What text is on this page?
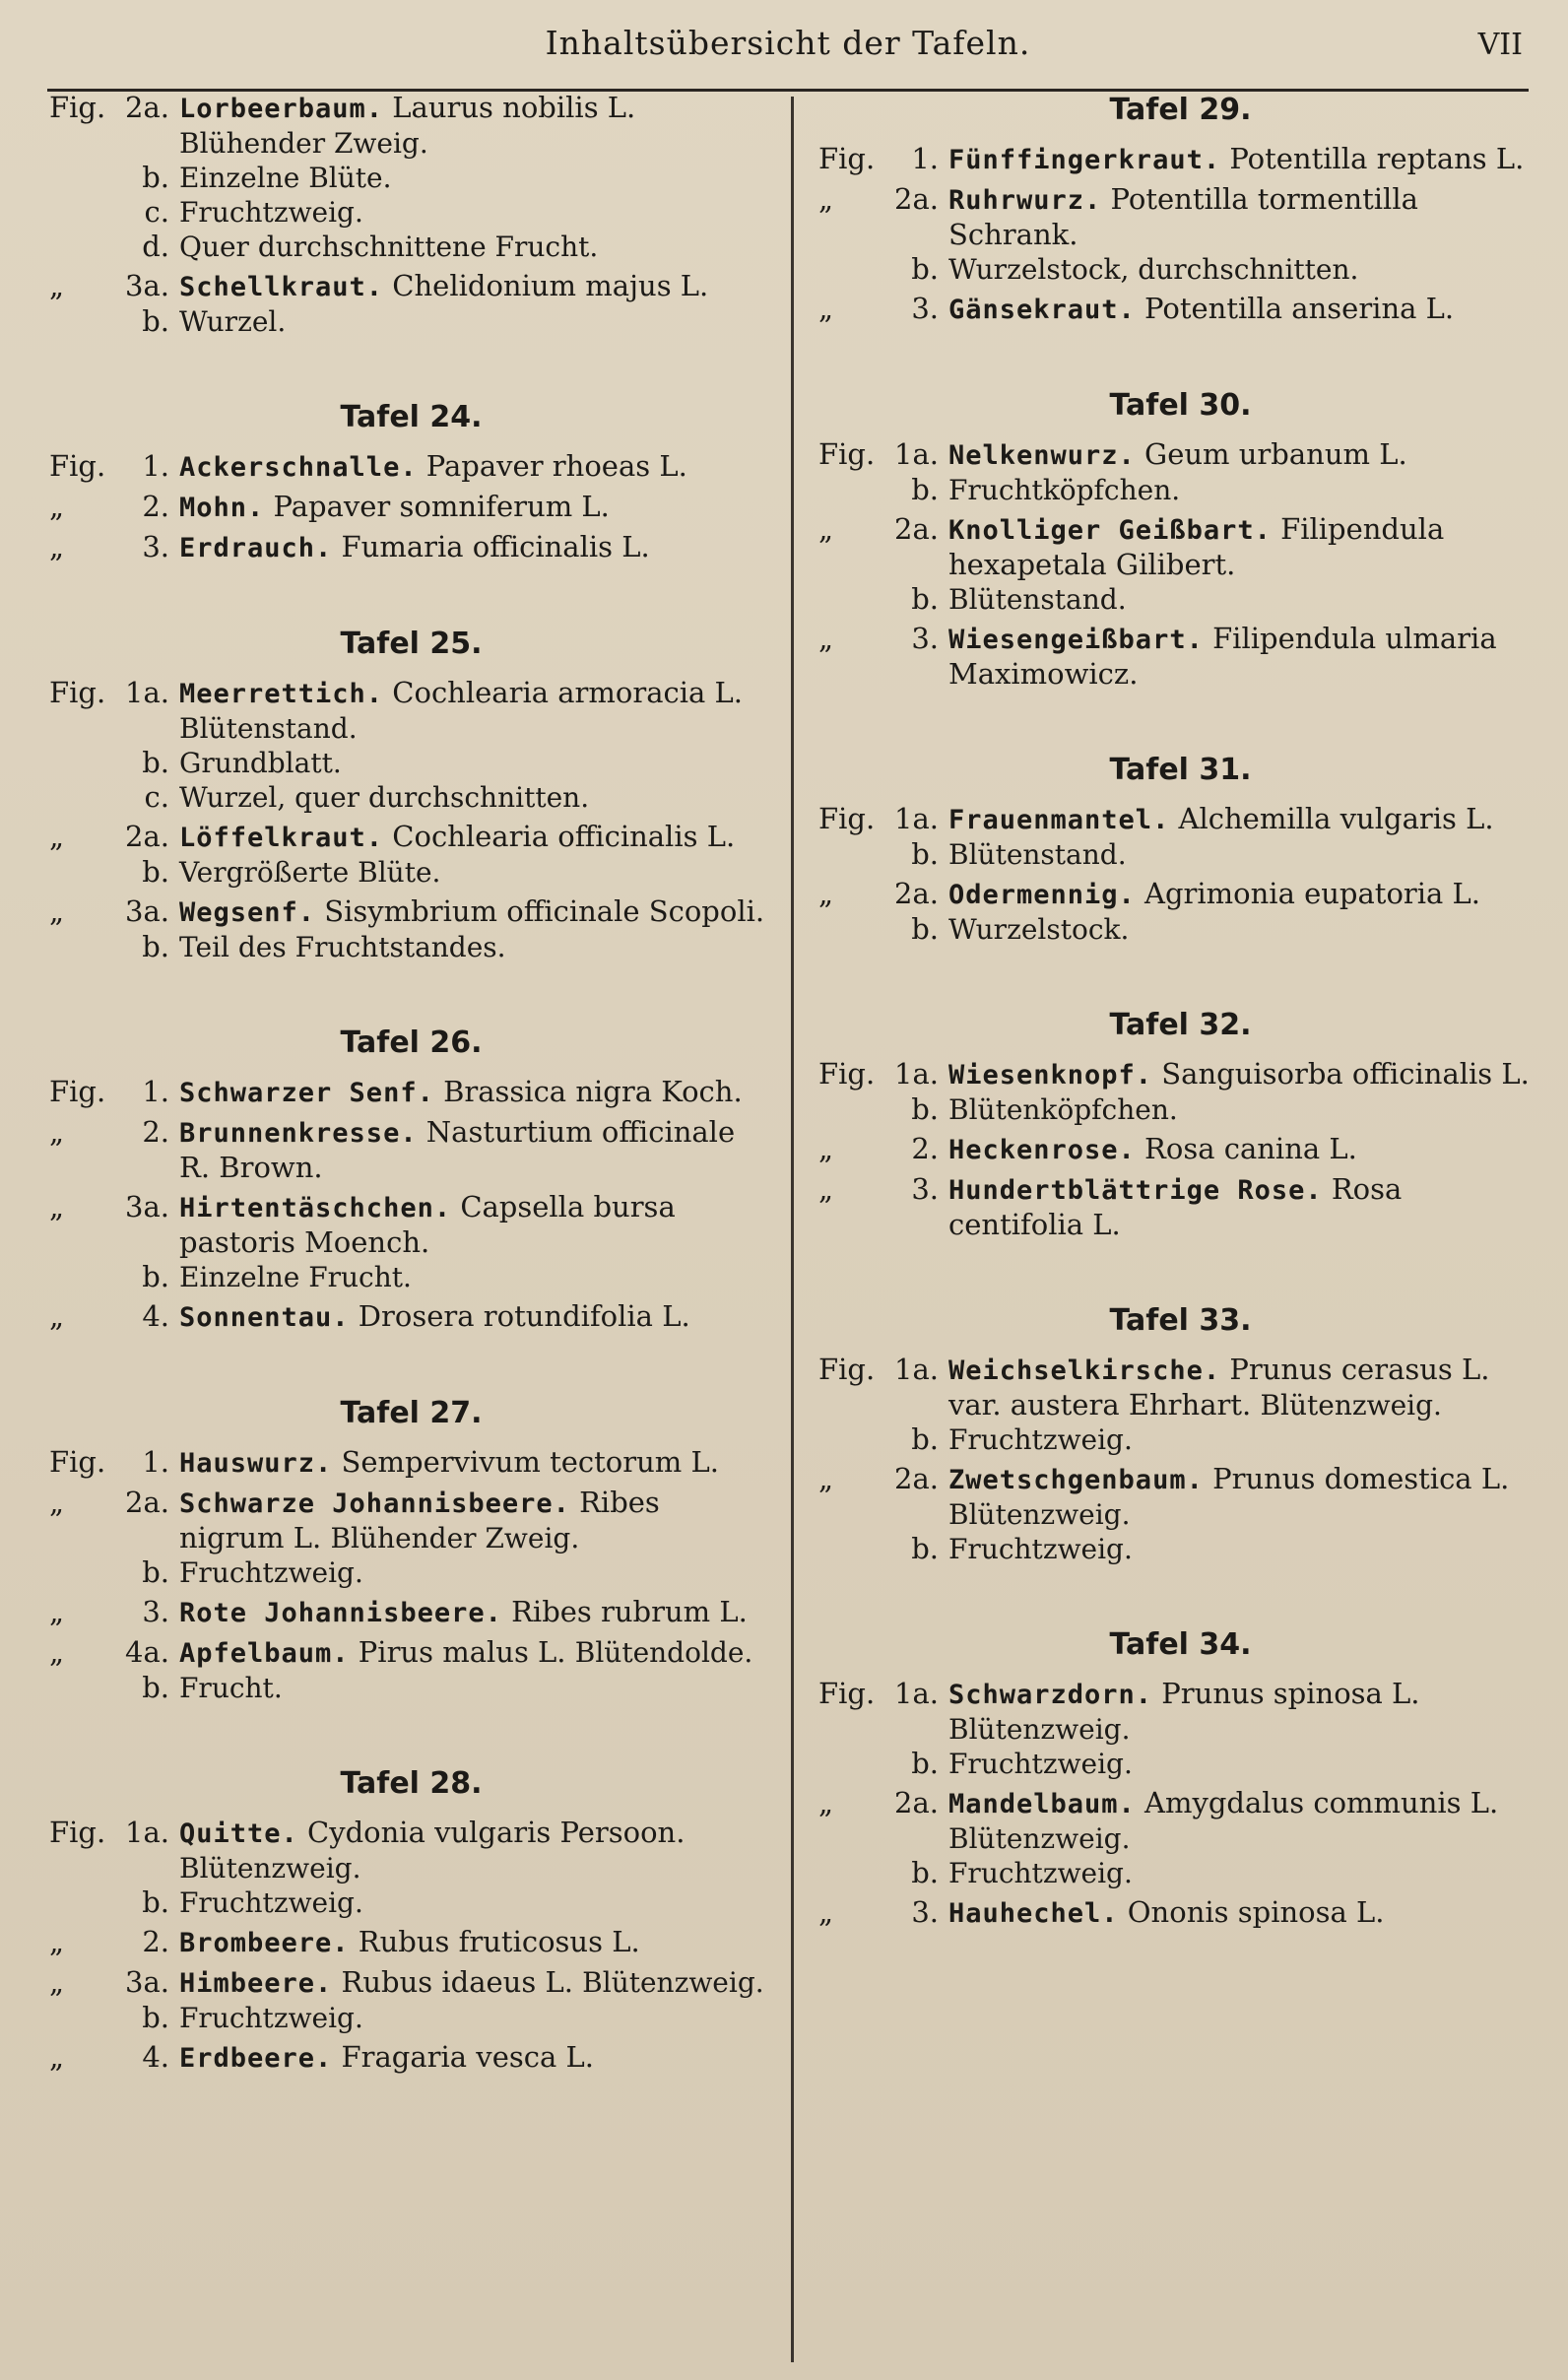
Inhaltsübersicht der Tafeln.	VII
Fig. 2a. Lorbeerbaum. Laurus nobilis L. Blühender Zweig.
b. Einzelne Blüte.
c. Fruchtzweig.
d. Quer durchschnittene Frucht.
„	3a. Schellkraut. Chelidonium majus L.
b. Wurzel.
Tafel 24.
Fig.	1. Ackerschnalle. Papaver rhoeas L.
„	2. Mohn. Papaver somniferum L.
„	3. Erdrauch. Fumaria officinalis L.
Tafel 25.
Fig. 1a. Meerrettich. Cochlearia armoracia L. Blütenstand.
b. Grundblatt.
c. Wurzel, quer durchschnitten.
„	2a. Löffelkraut. Cochlearia officinalis L.
b. Vergrößerte Blüte.
„	3a. Wegsenf. Sisymbrium officinale Scopoli.
b. Teil des Fruchtstandes.
Tafel 26.
Fig.	1. Schwarzer Senf. Brassica nigra Koch.
„	2. Brunnenkresse. Nasturtium officinale R. Brown.
„	3a. Hirtentäschchen. Capsella bursa pastoris Moench.
b. Einzelne Frucht.
„	4. Sonnentau. Drosera rotundifolia L.
Tafel 27.
Fig.	1. Hauswurz. Sempervivum tectorum L.
„	2a. Schwarze Johannisbeere. Ribes nigrum L. Blühender Zweig.
b. Fruchtzweig.
„	3. Rote Johannisbeere. Ribes rubrum L.
„	4a. Apfelbaum. Pirus malus L. Blütendolde.
b. Frucht.
Tafel 28.
Fig. 1a. Quitte. Cydonia vulgaris Persoon. Blütenzweig.
b. Fruchtzweig.
„	2. Brombeere. Rubus fruticosus L.
„	3a. Himbeere. Rubus idaeus L. Blütenzweig.
b. Fruchtzweig.
„	4. Erdbeere. Fragaria vesca L.
Tafel 29.
Fig.	1. Fünffingerkraut. Potentilla reptans L.
„	2a. Ruhrwurz. Potentilla tormentilla Schrank.
b. Wurzelstock, durchschnitten.
„	3. Gänsekraut. Potentilla anserina L.
Tafel 30.
Fig. 1a. Nelkenwurz. Geum urbanum L.
b. Fruchtköpfchen.
„	2a. Knolliger Geißbart. Filipendula hexapetala Gilibert.
b. Blütenstand.
„	3. Wiesengeißbart. Filipendula ulmaria Maximowicz.
Tafel 31.
Fig. 1a. Frauenmantel. Alchemilla vulgaris L.
b. Blütenstand.
„	2a. Odermennig. Agrimonia eupatoria L.
b. Wurzelstock.
Tafel 32.
Fig. 1a. Wiesenknopf. Sanguisorba officinalis L.
b. Blütenköpfchen.
„	2. Heckenrose. Rosa canina L.
„	3. Hundertblättrige Rose. Rosa centifolia L.
Tafel 33.
Fig. 1a. Weichselkirsche. Prunus cerasus L. var. austera Ehrhart. Blütenzweig.
b. Fruchtzweig.
„	2a. Zwetschgenbaum. Prunus domestica L. Blütenzweig.
b. Fruchtzweig.
Tafel 34.
Fig. 1a. Schwarzdorn. Prunus spinosa L. Blütenzweig.
b. Fruchtzweig.
„	2a. Mandelbaum. Amygdalus communis L. Blütenzweig.
b. Fruchtzweig.
„	3. Hauhechel. Ononis spinosa L.
